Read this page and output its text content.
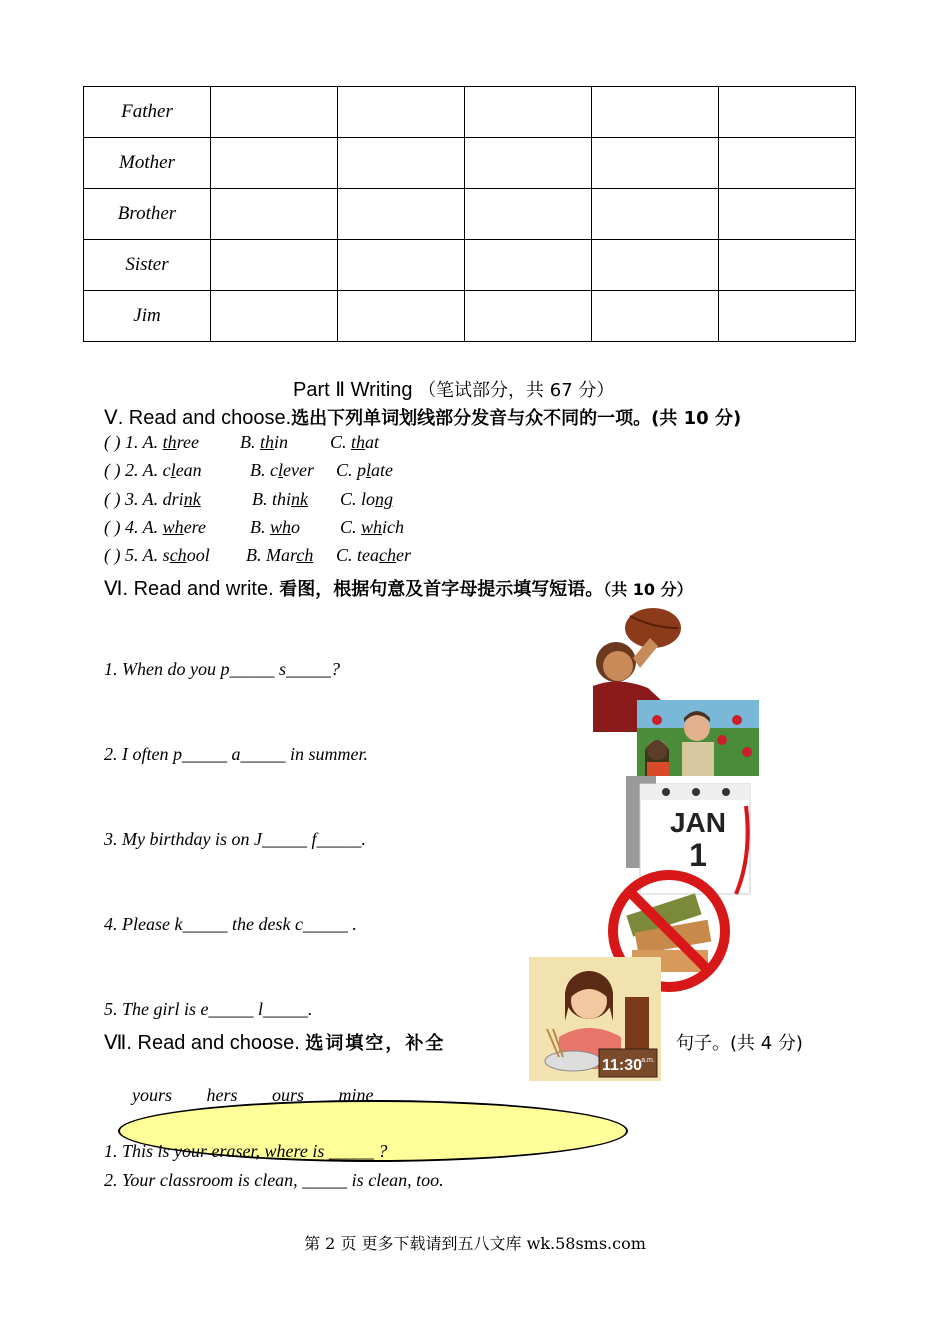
Father					
Mother					
Brother					
Sister					
Jim					
Part Ⅱ Writing （笔试部分，共 67 分）
Ⅴ. Read and choose.选出下列单词划线部分发音与众不同的一项。(共 10 分)
( ) 1. A. three B. thin C. that
( ) 2. A. clean	B. clever C. plate
( ) 3. A. drink	B. think C. long
( ) 4. A. where B. who C. which
( ) 5. A. school B. March C. teacher
Ⅵ. Read and write. 看图，根据句意及首字母提示填写短语。（共 10 分）
1. When do you p_____ s_____?
2. I often p_____ a_____ in summer.
3. My birthday is on J_____ f_____.
4. Please k_____ the desk c_____ .
5. The girl is e_____ l_____.
JAN
1
11:30 a.m.
Ⅶ. Read and choose. 选词填空，补全	句子。(共 4 分)
yours hers ours mine
1. This is your eraser, where is _____ ?
2. Your classroom is clean, _____ is clean, too.
第 2 页 更多下载请到五八文库 wk.58sms.com
